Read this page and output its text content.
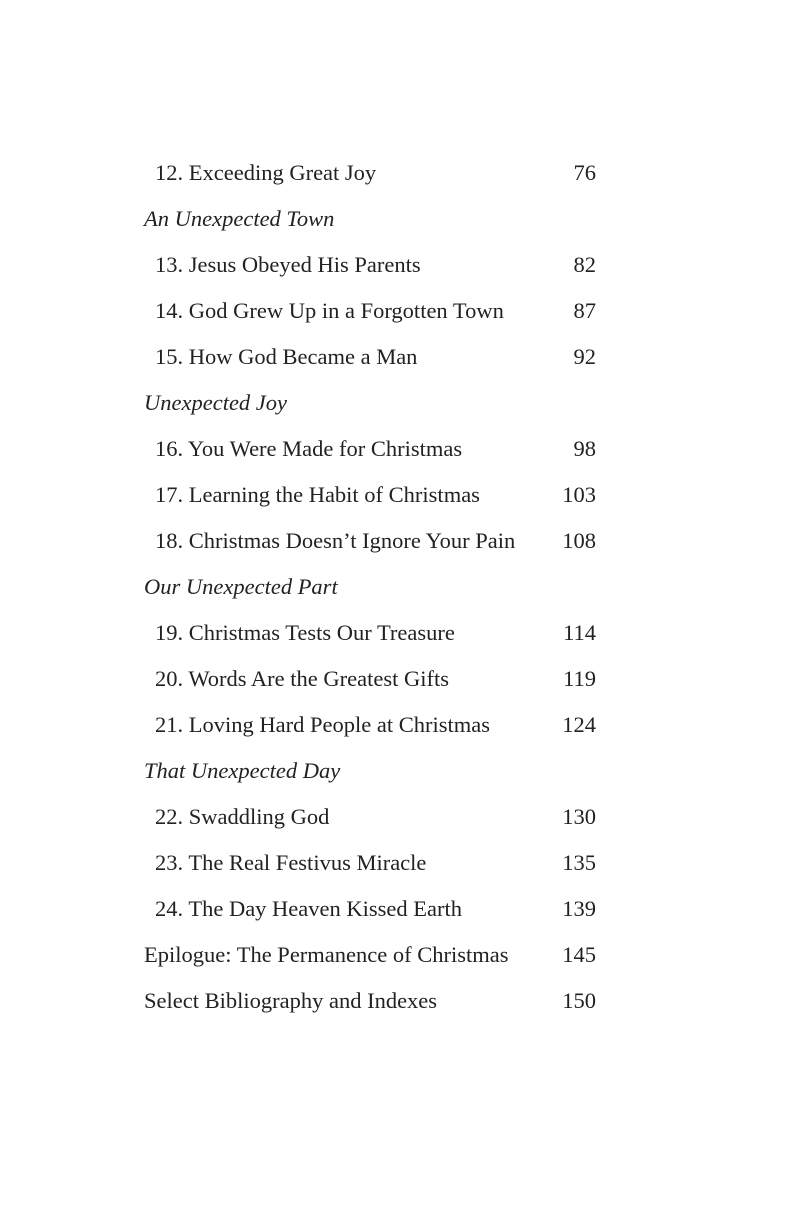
12. Exceeding Great Joy	76
An Unexpected Town
13. Jesus Obeyed His Parents	82
14. God Grew Up in a Forgotten Town	87
15. How God Became a Man	92
Unexpected Joy
16. You Were Made for Christmas	98
17. Learning the Habit of Christmas	103
18. Christmas Doesn’t Ignore Your Pain 108
Our Unexpected Part
19. Christmas Tests Our Treasure	114
20. Words Are the Greatest Gifts	119
21. Loving Hard People at Christmas	124
That Unexpected Day
22. Swaddling God	130
23. The Real Festivus Miracle	135
24. The Day Heaven Kissed Earth	139
Epilogue: The Permanence of Christmas 145
Select Bibliography and Indexes	150
